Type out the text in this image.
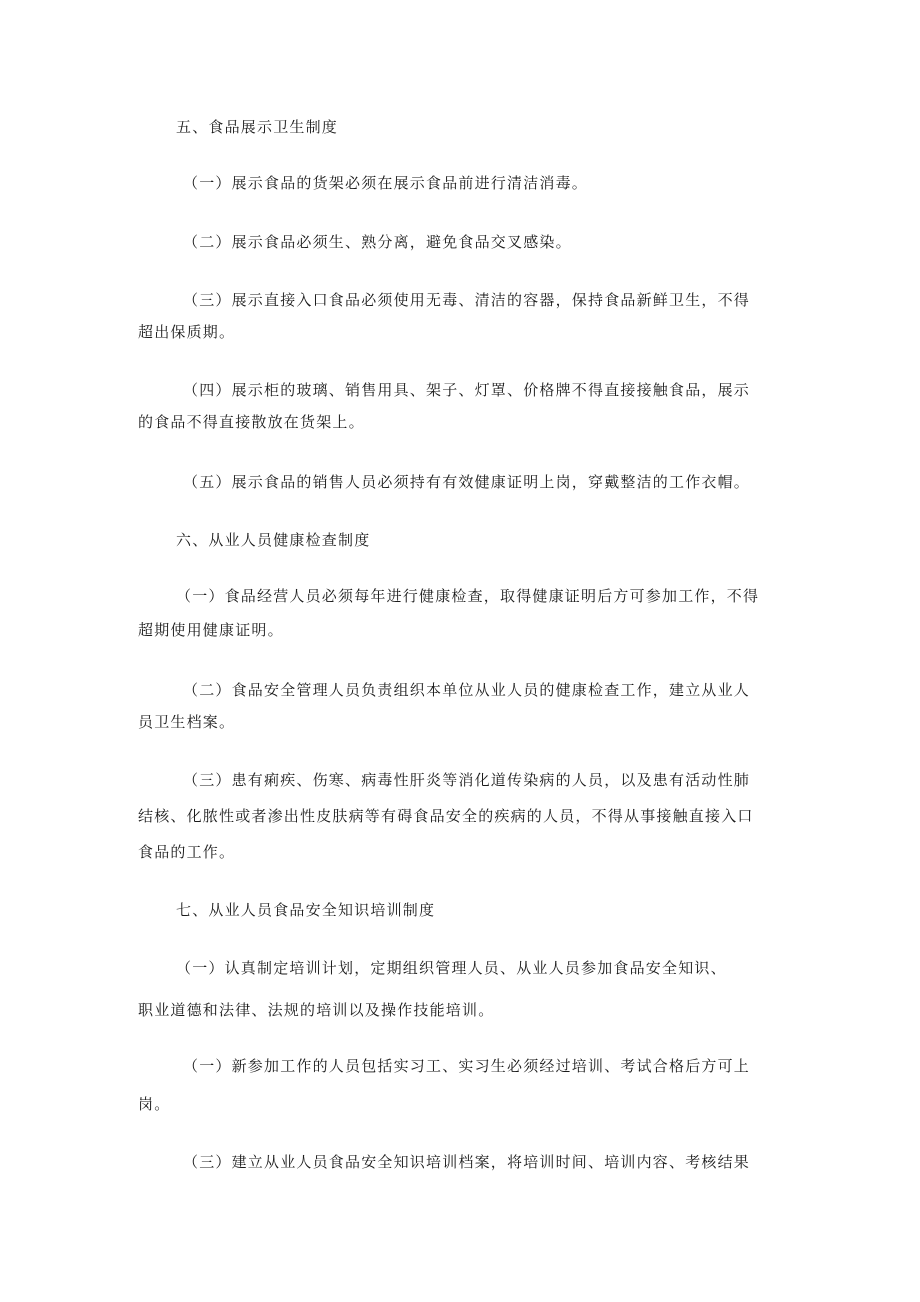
五、食品展示卫生制度
（一）展示食品的货架必须在展示食品前进行清洁消毒。
（二）展示食品必须生、熟分离，避免食品交叉感染。
（三）展示直接入口食品必须使用无毒、清洁的容器，保持食品新鲜卫生，不得
超出保质期。
（四）展示柜的玻璃、销售用具、架子、灯罩、价格牌不得直接接触食品，展示
的食品不得直接散放在货架上。
（五）展示食品的销售人员必须持有有效健康证明上岗，穿戴整洁的工作衣帽。
六、从业人员健康检查制度
（一）食品经营人员必须每年进行健康检查，取得健康证明后方可参加工作，不得
超期使用健康证明。
（二）食品安全管理人员负责组织本单位从业人员的健康检查工作，建立从业人
员卫生档案。
（三）患有痢疾、伤寒、病毒性肝炎等消化道传染病的人员，以及患有活动性肺
结核、化脓性或者渗出性皮肤病等有碍食品安全的疾病的人员，不得从事接触直接入口
食品的工作。
七、从业人员食品安全知识培训制度
（一）认真制定培训计划，定期组织管理人员、从业人员参加食品安全知识、
职业道德和法律、法规的培训以及操作技能培训。
（一）新参加工作的人员包括实习工、实习生必须经过培训、考试合格后方可上
岗。
（三）建立从业人员食品安全知识培训档案，将培训时间、培训内容、考核结果
